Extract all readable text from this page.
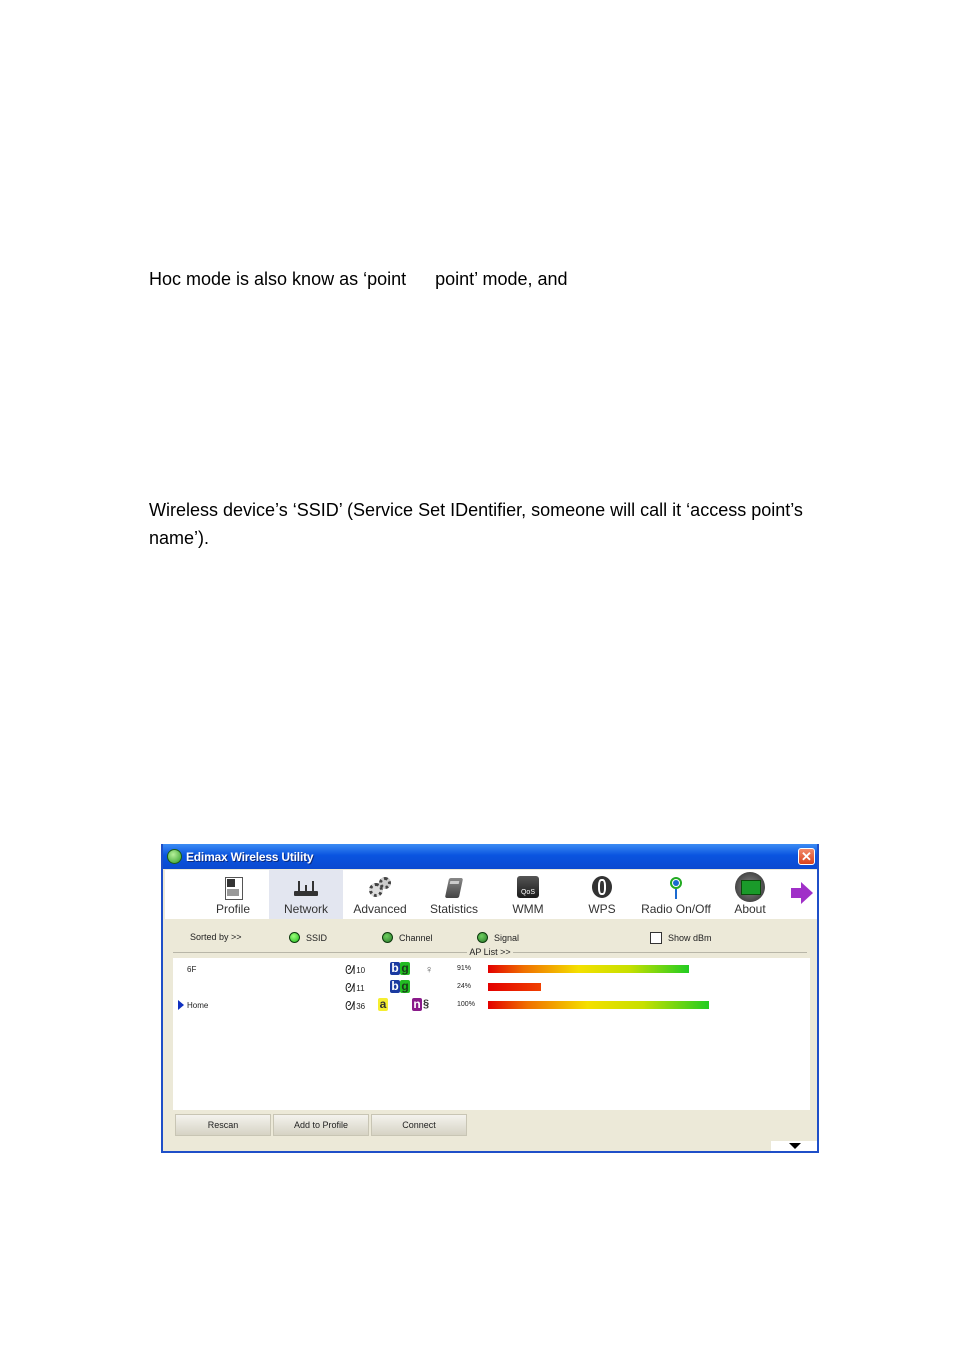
Hoc mode is also know as ‘point point’ mode, and

Wireless device’s ‘SSID’ (Service Set IDentifier, someone will call it ‘access point’s

name’).

Edimax Wireless Utility	✕
Profile	Network Advanced Statistics
QoS
WMM	WPS Radio On/Off About
Sorted by >>	SSID	Channel	Signal	Show dBm
AP List >>
6F	ᘛ 10 b g ♀	91%
ᘛ 11 b g	24%
Home	ᘛ 36 a n §	100%
Rescan	Add to Profile	Connect
